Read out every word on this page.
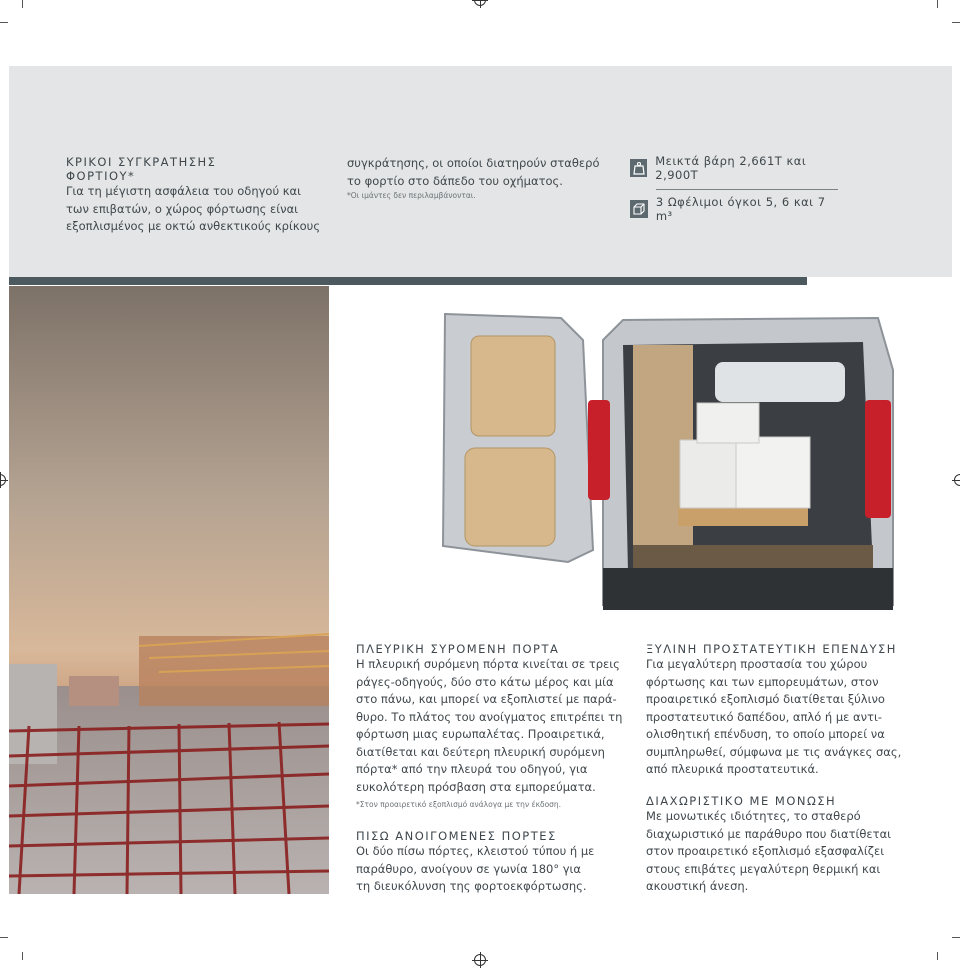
ΚΡΙΚΟΙ ΣΥΓΚΡΑΤΗΣΗΣ
ΦΟΡΤΙΟΥ*
Για τη μέγιστη ασφάλεια του οδηγού και
των επιβατών, ο χώρος φόρτωσης είναι
εξοπλισμένος με οκτώ ανθεκτικούς κρίκους
συγκράτησης, οι οποίοι διατηρούν σταθερό
το φορτίο στο δάπεδο του οχήματος.
*Οι ιμάντες δεν περιλαμβάνονται.
Μεικτά βάρη 2,661T και 2,900T
3 Ωφέλιμοι όγκοι 5, 6 και 7 m³
ΠΛΕΥΡΙΚΗ ΣΥΡΟΜΕΝΗ ΠΟΡΤΑ
Η πλευρική συρόμενη πόρτα κινείται σε τρεις
ράγες-οδηγούς, δύο στο κάτω μέρος και μία
στο πάνω, και μπορεί να εξοπλιστεί με παρά-
θυρο. Το πλάτος του ανοίγματος επιτρέπει τη
φόρτωση μιας ευρωπαλέτας. Προαιρετικά,
διατίθεται και δεύτερη πλευρική συρόμενη
πόρτα* από την πλευρά του οδηγού, για
ευκολότερη πρόσβαση στα εμπορεύματα.
*Στον προαιρετικό εξοπλισμό ανάλογα με την έκδοση.
ΠΙΣΩ ΑΝΟΙΓΟΜΕΝΕΣ ΠΟΡΤΕΣ
Οι δύο πίσω πόρτες, κλειστού τύπου ή με
παράθυρο, ανοίγουν σε γωνία 180° για
τη διευκόλυνση της φορτοεκφόρτωσης.
ΞΥΛΙΝΗ ΠΡΟΣΤΑΤΕΥΤΙΚΗ ΕΠΕΝΔΥΣΗ
Για μεγαλύτερη προστασία του χώρου
φόρτωσης και των εμπορευμάτων, στον
προαιρετικό εξοπλισμό διατίθεται ξύλινο
προστατευτικό δαπέδου, απλό ή με αντι-
ολισθητική επένδυση, το οποίο μπορεί να
συμπληρωθεί, σύμφωνα με τις ανάγκες σας,
από πλευρικά προστατευτικά.
ΔΙΑΧΩΡΙΣΤΙΚΟ ΜΕ ΜΟΝΩΣΗ
Με μονωτικές ιδιότητες, το σταθερό
διαχωριστικό με παράθυρο που διατίθεται
στον προαιρετικό εξοπλισμό εξασφαλίζει
στους επιβάτες μεγαλύτερη θερμική και
ακουστική άνεση.
